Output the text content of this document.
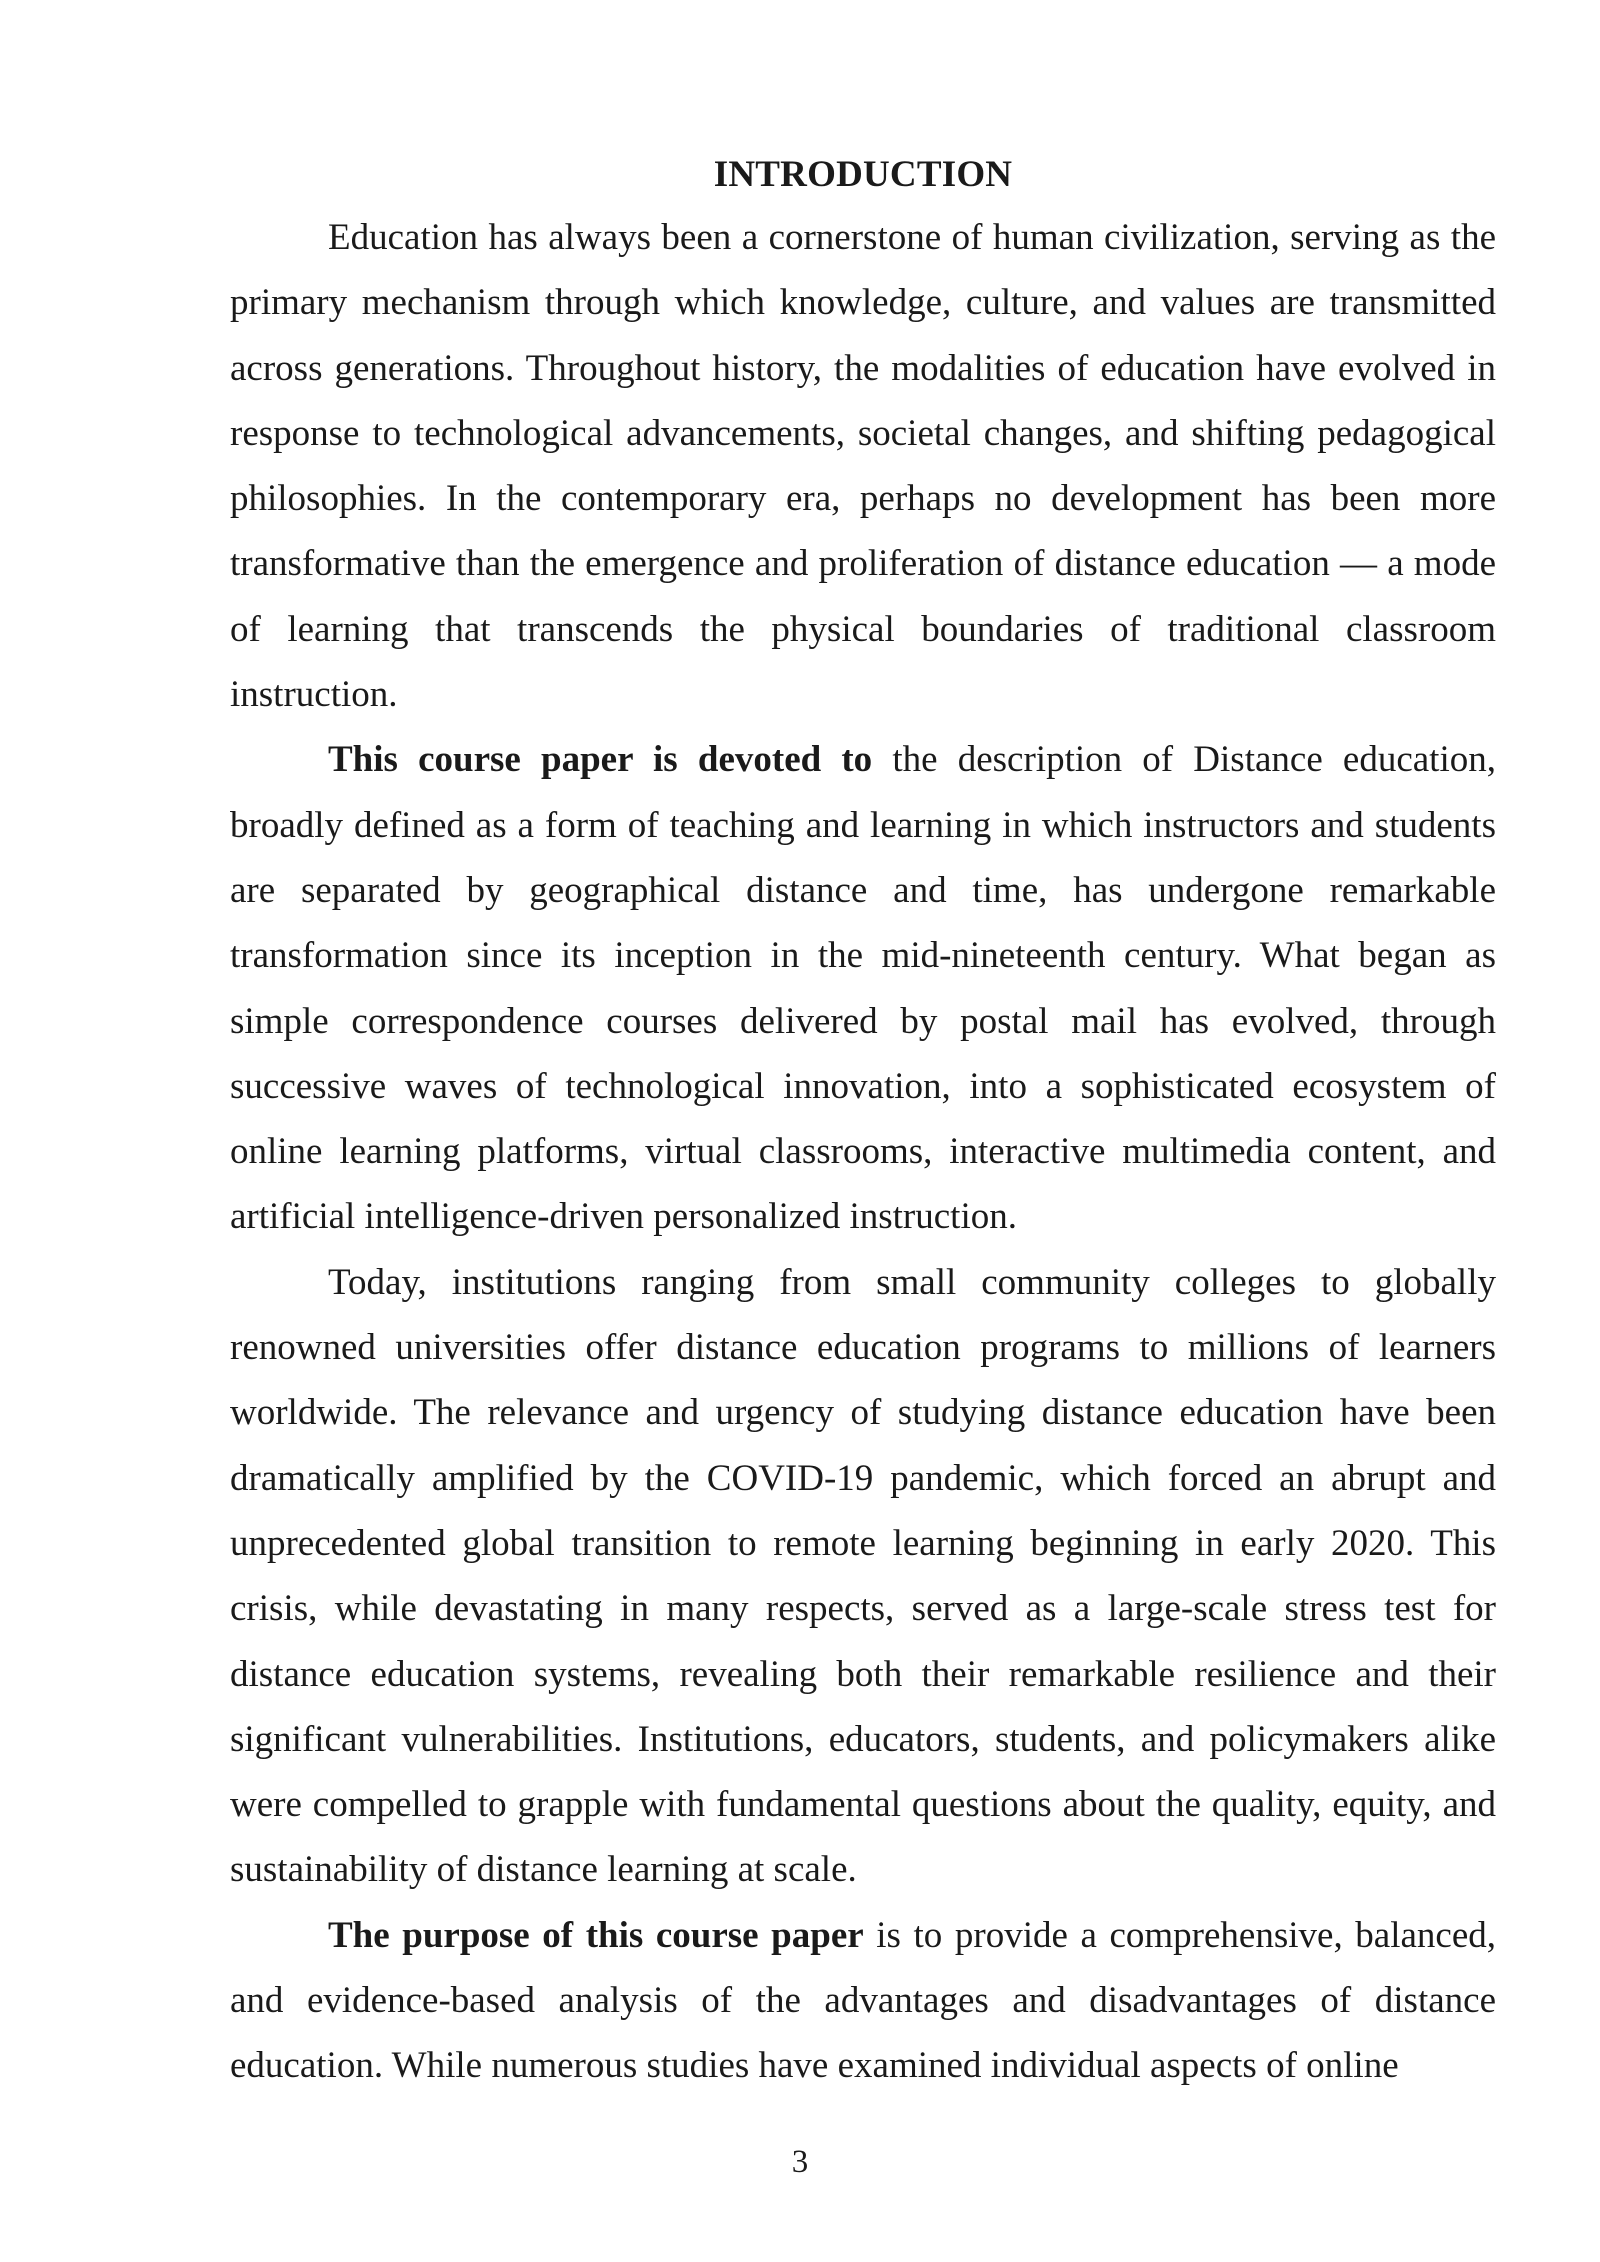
INTRODUCTION

Education has always been a cornerstone of human civilization, serving as the primary mechanism through which knowledge, culture, and values are transmitted across generations. Throughout history, the modalities of education have evolved in response to technological advancements, societal changes, and shifting pedagogical philosophies. In the contemporary era, perhaps no development has been more transformative than the emergence and proliferation of distance education — a mode of learning that transcends the physical boundaries of traditional classroom instruction.

This course paper is devoted to the description of Distance education, broadly defined as a form of teaching and learning in which instructors and students are separated by geographical distance and time, has undergone remarkable transformation since its inception in the mid-nineteenth century. What began as simple correspondence courses delivered by postal mail has evolved, through successive waves of technological innovation, into a sophisticated ecosystem of online learning platforms, virtual classrooms, interactive multimedia content, and artificial intelligence-driven personalized instruction.

Today, institutions ranging from small community colleges to globally renowned universities offer distance education programs to millions of learners worldwide. The relevance and urgency of studying distance education have been dramatically amplified by the COVID-19 pandemic, which forced an abrupt and unprecedented global transition to remote learning beginning in early 2020. This crisis, while devastating in many respects, served as a large-scale stress test for distance education systems, revealing both their remarkable resilience and their significant vulnerabilities. Institutions, educators, students, and policymakers alike were compelled to grapple with fundamental questions about the quality, equity, and sustainability of distance learning at scale.

The purpose of this course paper is to provide a comprehensive, balanced, and evidence-based analysis of the advantages and disadvantages of distance education. While numerous studies have examined individual aspects of online

3
